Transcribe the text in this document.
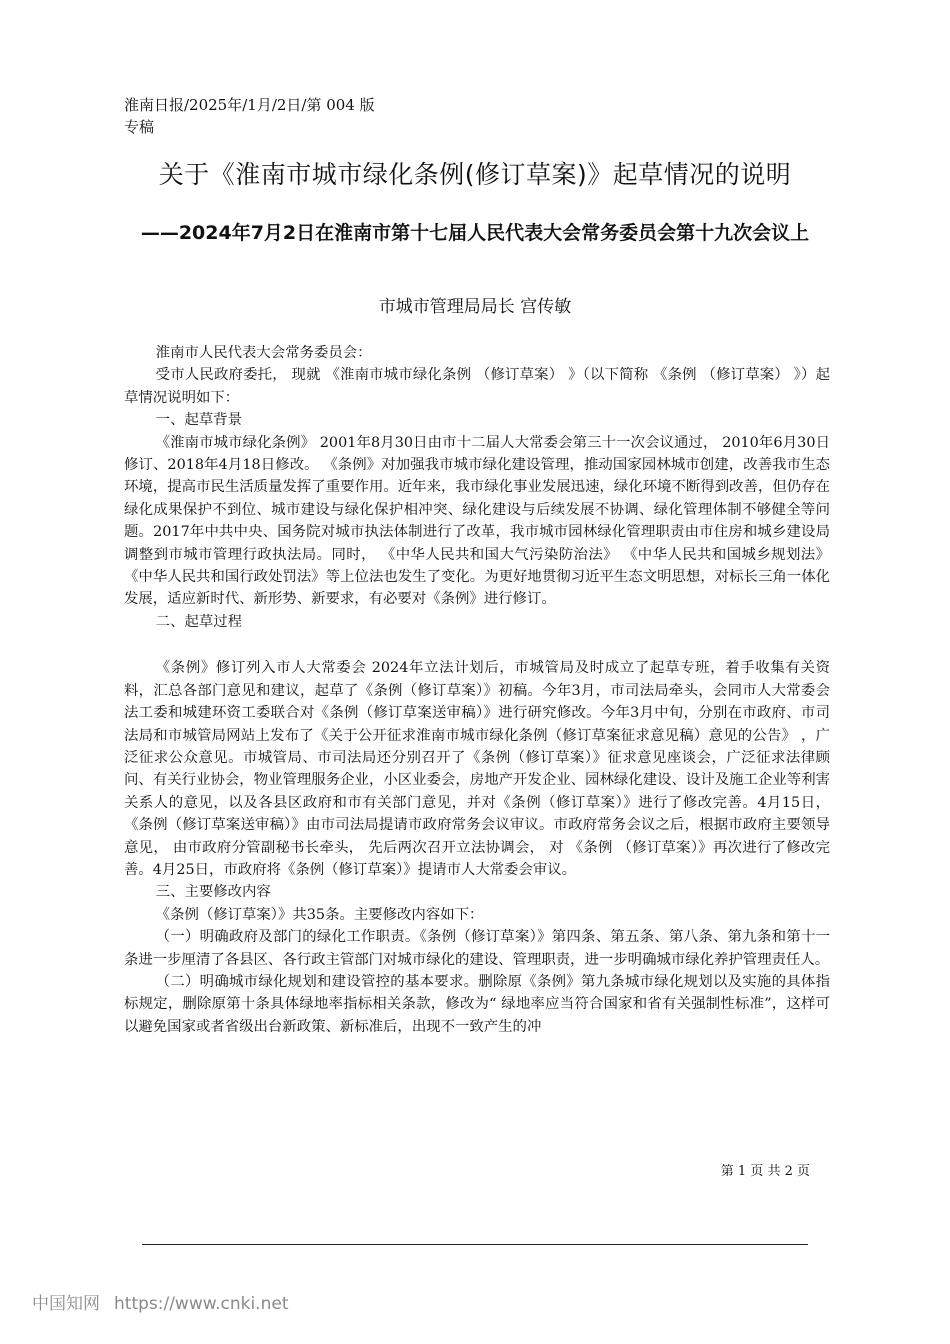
淮南日报/2025年/1月/2日/第 004 版专稿
关于《淮南市城市绿化条例(修订草案)》起草情况的说明
——2024年7月2日在淮南市第十七届人民代表大会常务委员会第十九次会议上
市城市管理局局长 宫传敏

淮南市人民代表大会常务委员会：

受市人民政府委托， 现就 《淮南市城市绿化条例 （修订草案） 》（以下简称 《条例 （修订草案） 》）起草情况说明如下：

一、起草背景

《淮南市城市绿化条例》 2001年8月30日由市十二届人大常委会第三十一次会议通过， 2010年6月30日修订、2018年4月18日修改。 《条例》对加强我市城市绿化建设管理，推动国家园林城市创建，改善我市生态环境，提高市民生活质量发挥了重要作用。近年来，我市绿化事业发展迅速，绿化环境不断得到改善，但仍存在绿化成果保护不到位、城市建设与绿化保护相冲突、绿化建设与后续发展不协调、绿化管理体制不够健全等问题。2017年中共中央、国务院对城市执法体制进行了改革，我市城市园林绿化管理职责由市住房和城乡建设局调整到市城市管理行政执法局。同时， 《中华人民共和国大气污染防治法》 《中华人民共和国城乡规划法》 《中华人民共和国行政处罚法》等上位法也发生了变化。为更好地贯彻习近平生态文明思想，对标长三角一体化发展，适应新时代、新形势、新要求，有必要对《条例》进行修订。

二、起草过程

《条例》修订列入市人大常委会 2024年立法计划后，市城管局及时成立了起草专班，着手收集有关资料，汇总各部门意见和建议，起草了《条例（修订草案）》初稿。今年3月，市司法局牵头，会同市人大常委会法工委和城建环资工委联合对《条例（修订草案送审稿）》进行研究修改。今年3月中旬，分别在市政府、市司法局和市城管局网站上发布了《关于公开征求淮南市城市绿化条例（修订草案征求意见稿）意见的公告》 ，广泛征求公众意见。市城管局、市司法局还分别召开了《条例（修订草案）》征求意见座谈会，广泛征求法律顾问、有关行业协会，物业管理服务企业，小区业委会，房地产开发企业、园林绿化建设、设计及施工企业等利害关系人的意见，以及各县区政府和市有关部门意见，并对《条例（修订草案）》进行了修改完善。4月15日， 《条例（修订草案送审稿）》由市司法局提请市政府常务会议审议。市政府常务会议之后，根据市政府主要领导意见， 由市政府分管副秘书长牵头， 先后两次召开立法协调会， 对 《条例 （修订草案）》再次进行了修改完善。4月25日，市政府将《条例（修订草案）》提请市人大常委会审议。

三、主要修改内容

《条例（修订草案）》共35条。主要修改内容如下：

（一）明确政府及部门的绿化工作职责。《条例（修订草案）》第四条、第五条、第八条、第九条和第十一条进一步厘清了各县区、各行政主管部门对城市绿化的建设、管理职责，进一步明确城市绿化养护管理责任人。

（二）明确城市绿化规划和建设管控的基本要求。删除原《条例》第九条城市绿化规划以及实施的具体指标规定，删除原第十条具体绿地率指标相关条款，修改为“ 绿地率应当符合国家和省有关强制性标准”，这样可以避免国家或者省级出台新政策、新标准后，出现不一致产生的冲

第 1 页 共 2 页
中国知网 https://www.cnki.net
